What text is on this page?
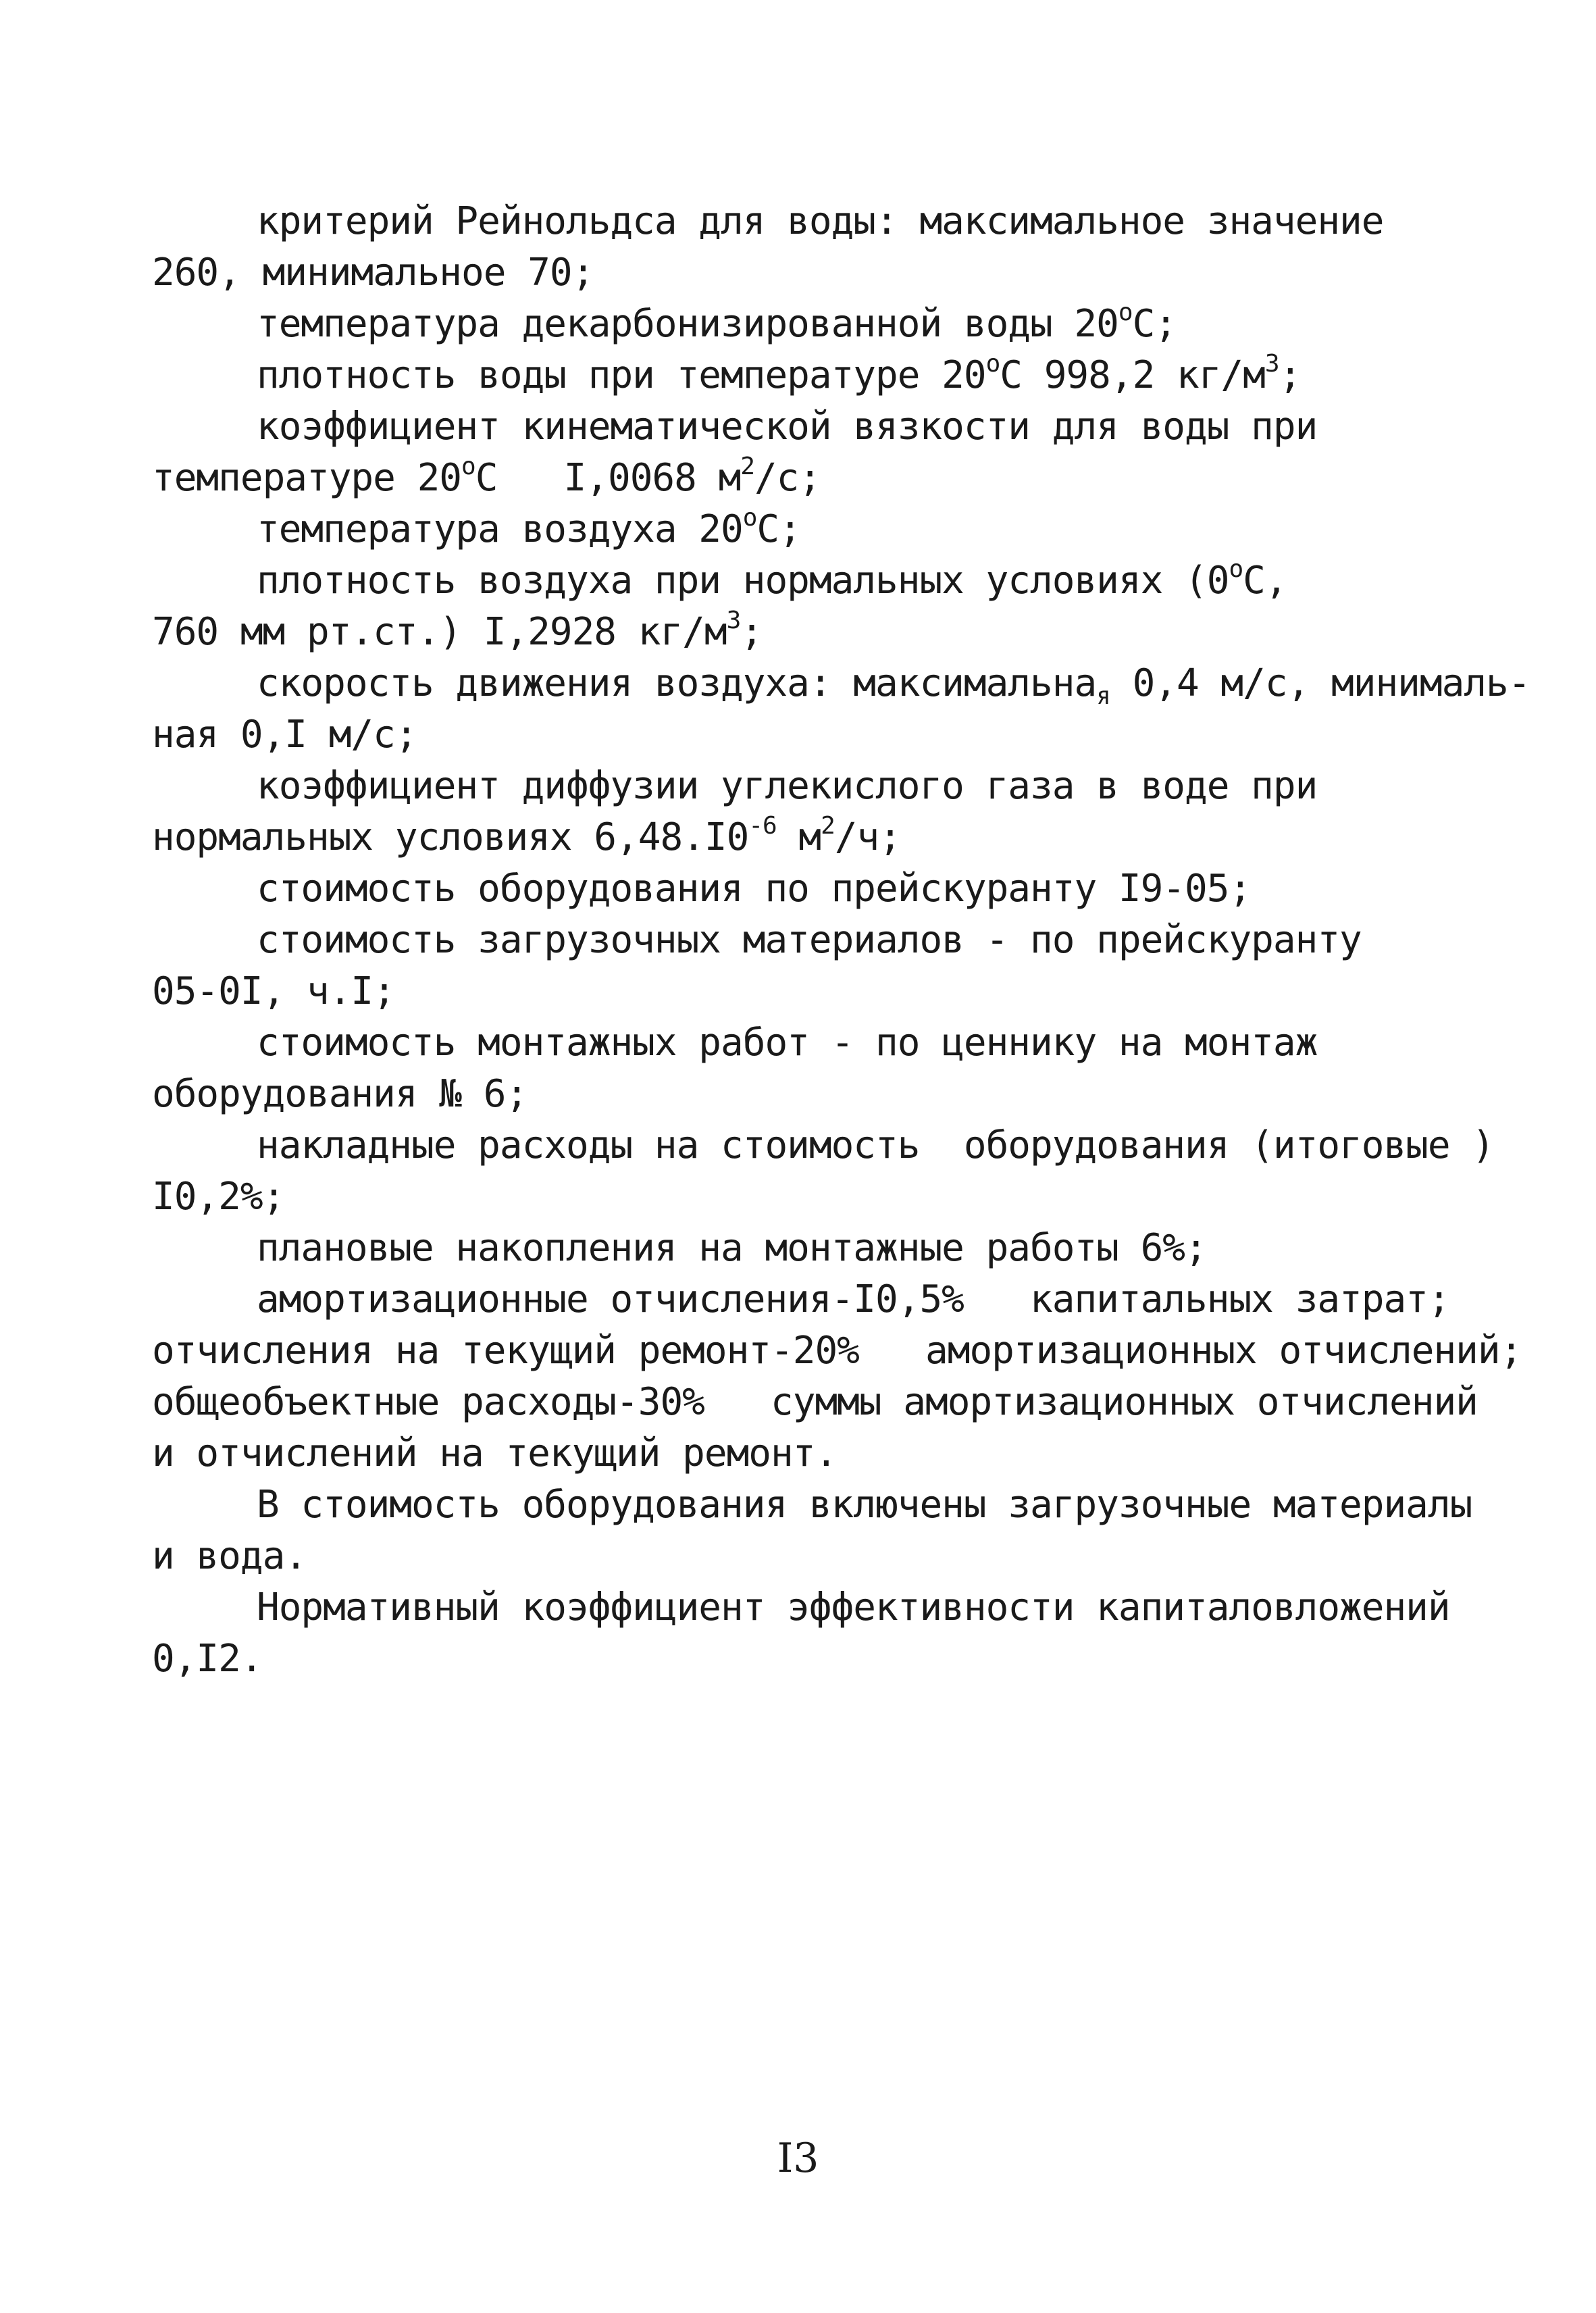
критерий Рейнольдса для воды: максимальное значение
260, минимальное 70;
температура декарбонизированной воды $20^оС$;
плотность воды при температуре $20^оС$ 998,2 $кг/м^3$;
коэффициент кинематической вязкости для воды при
температуре $20^оС$   I,0068 $м^2/с$;
температура воздуха $20^оС$;
плотность воздуха при нормальных условиях ($0^оС$,
760 мм рт.ст.) I,2928 $кг/м^3$;
скорость движения воздуха: максимальна$_я$ 0,4 м/с, минималь-
ная 0,I м/с;
коэффициент диффузии углекислого газа в воде при
нормальных условиях $6,48.I0^{-6}$ $м^2/ч$;
стоимость оборудования по прейскуранту I9-05;
стоимость загрузочных материалов - по прейскуранту
05-0I, ч.I;
стоимость монтажных работ - по ценнику на монтаж
оборудования № 6;
накладные расходы на стоимость  оборудования (итоговые )
I0,2%;
плановые накопления на монтажные работы 6%;
амортизационные отчисления-I0,5%   капитальных затрат;
отчисления на текущий ремонт-20%   амортизационных отчислений;
общеобъектные расходы-30%   суммы амортизационных отчислений
и отчислений на текущий ремонт.
В стоимость оборудования включены загрузочные материалы
и вода.
Нормативный коэффициент эффективности капиталовложений
0,I2.
I3
